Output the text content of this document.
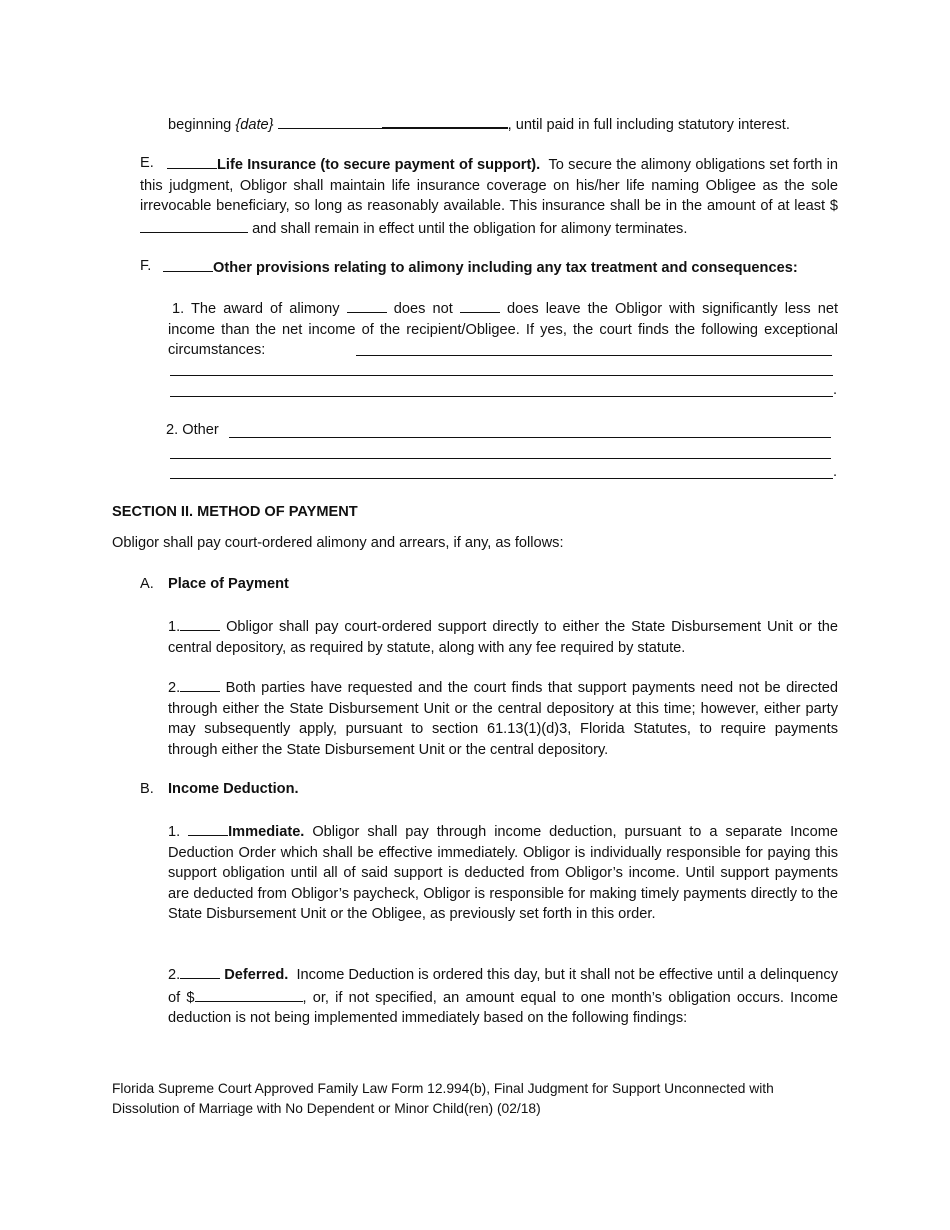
beginning {date}	, until paid in full including statutory interest.
E.	Life Insurance (to secure payment of support). To secure the alimony obligations set forth in this judgment, Obligor shall maintain life insurance coverage on his/her life naming Obligee as the sole irrevocable beneficiary, so long as reasonably available. This insurance shall be in the amount of at least $ and shall remain in effect until the obligation for alimony terminates.
F.	Other provisions relating to alimony including any tax treatment and consequences:
1. The award of alimony	does not	does leave the Obligor with significantly less net income than the net income of the recipient/Obligee. If yes, the court finds the following exceptional circumstances:
.
2. Other
.
SECTION II. METHOD OF PAYMENT
Obligor shall pay court-ordered alimony and arrears, if any, as follows:
A. Place of Payment
1.	Obligor shall pay court-ordered support directly to either the State Disbursement Unit or the central depository, as required by statute, along with any fee required by statute.
2.	Both parties have requested and the court finds that support payments need not be directed through either the State Disbursement Unit or the central depository at this time; however, either party may subsequently apply, pursuant to section 61.13(1)(d)3, Florida Statutes, to require payments through either the State Disbursement Unit or the central depository.
B. Income Deduction.
1.	Immediate. Obligor shall pay through income deduction, pursuant to a separate Income Deduction Order which shall be effective immediately. Obligor is individually responsible for paying this support obligation until all of said support is deducted from Obligor’s income. Until support payments are deducted from Obligor’s paycheck, Obligor is responsible for making timely payments directly to the State Disbursement Unit or the Obligee, as previously set forth in this order.
2.	Deferred. Income Deduction is ordered this day, but it shall not be effective until a delinquency of $	, or, if not specified, an amount equal to one month’s obligation occurs. Income deduction is not being implemented immediately based on the following findings:
Florida Supreme Court Approved Family Law Form 12.994(b), Final Judgment for Support Unconnected with
Dissolution of Marriage with No Dependent or Minor Child(ren) (02/18)
